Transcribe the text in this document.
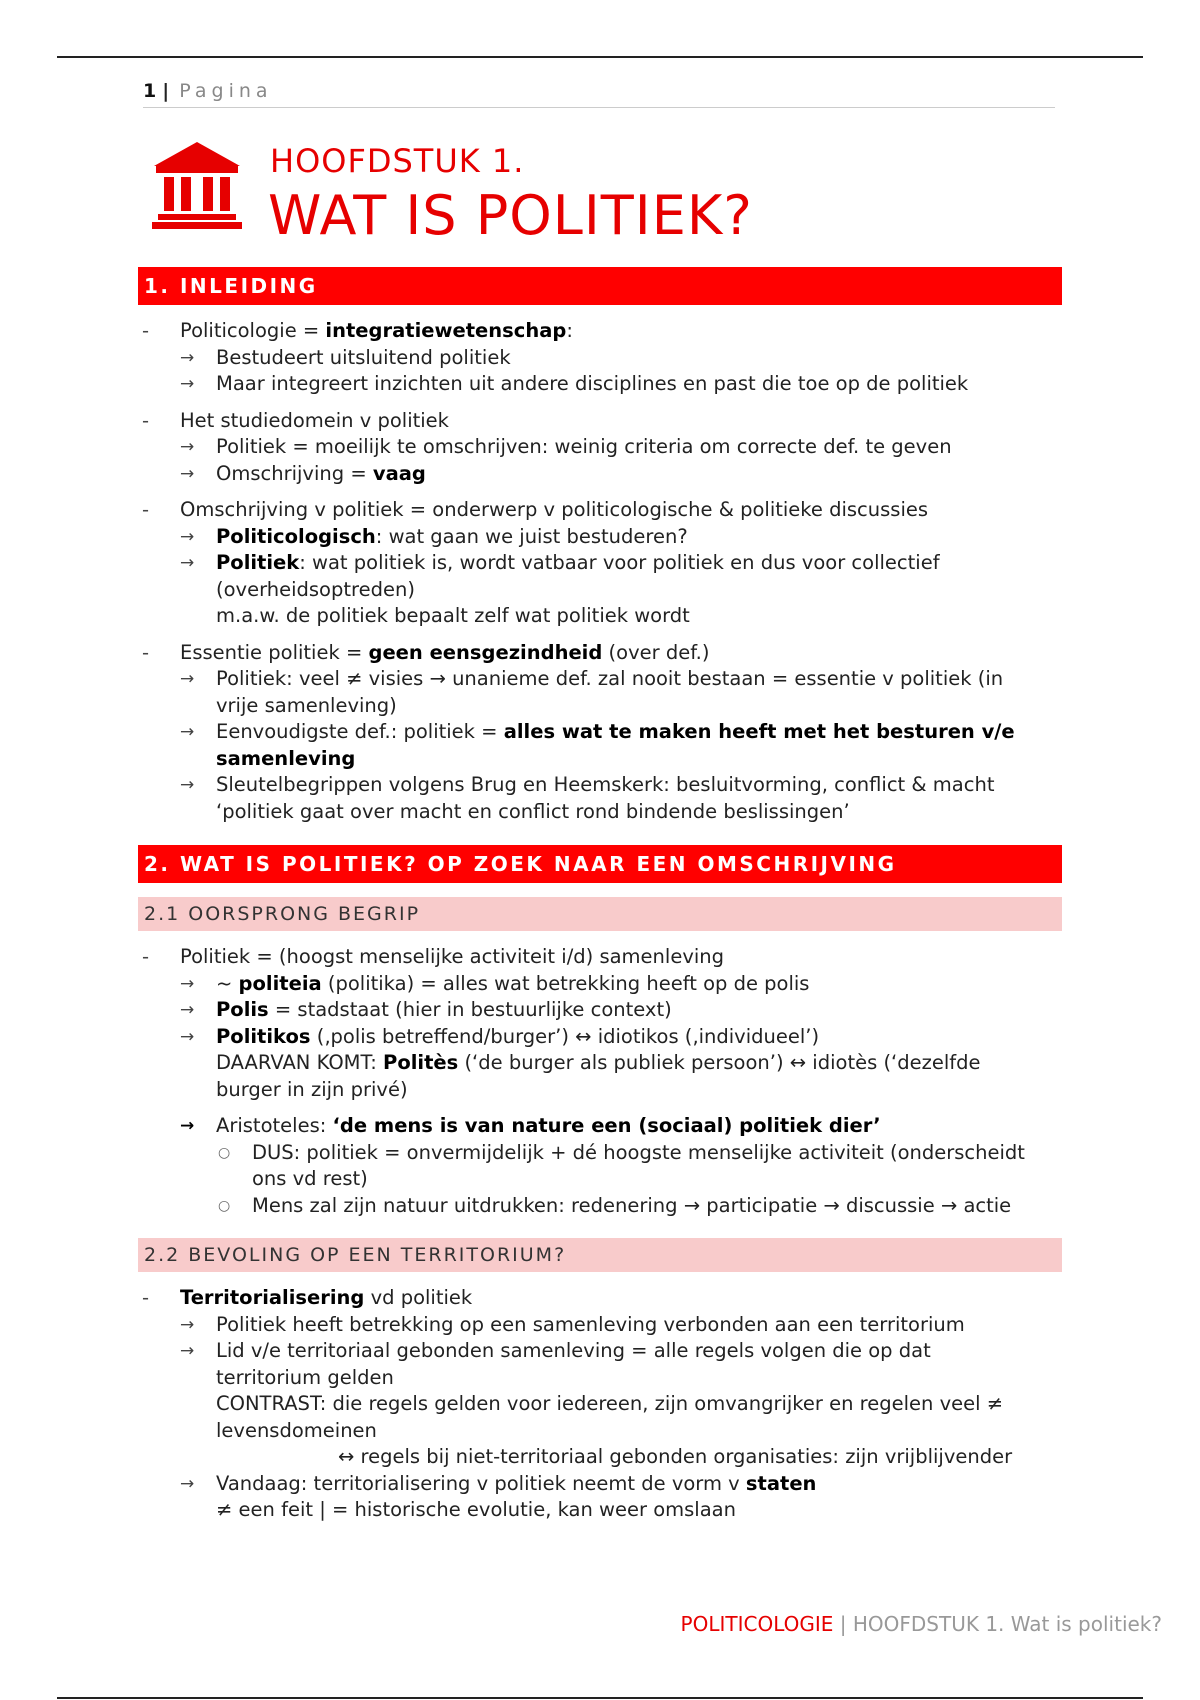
1 | Pagina
HOOFDSTUK 1.
WAT IS POLITIEK?
1. INLEIDING
- Politicologie = integratiewetenschap:
→ Bestudeert uitsluitend politiek
→ Maar integreert inzichten uit andere disciplines en past die toe op de politiek
- Het studiedomein v politiek
→ Politiek = moeilijk te omschrijven: weinig criteria om correcte def. te geven
→ Omschrijving = vaag
- Omschrijving v politiek = onderwerp v politicologische & politieke discussies
→ Politicologisch: wat gaan we juist bestuderen?
→ Politiek: wat politiek is, wordt vatbaar voor politiek en dus voor collectief
(overheidsoptreden)
m.a.w. de politiek bepaalt zelf wat politiek wordt
- Essentie politiek = geen eensgezindheid (over def.)
→ Politiek: veel ≠ visies → unanieme def. zal nooit bestaan = essentie v politiek (in
vrije samenleving)
→ Eenvoudigste def.: politiek = alles wat te maken heeft met het besturen v/e
samenleving
→ Sleutelbegrippen volgens Brug en Heemskerk: besluitvorming, conflict & macht
‘politiek gaat over macht en conflict rond bindende beslissingen’
2. WAT IS POLITIEK? OP ZOEK NAAR EEN OMSCHRIJVING
2.1 OORSPRONG BEGRIP
- Politiek = (hoogst menselijke activiteit i/d) samenleving
→ ~ politeia (politika) = alles wat betrekking heeft op de polis
→ Polis = stadstaat (hier in bestuurlijke context)
→ Politikos (‚polis betreffend/burger’) ↔ idiotikos (‚individueel’)
DAARVAN KOMT: Politès (‘de burger als publiek persoon’) ↔ idiotès (‘dezelfde
burger in zijn privé)
→ Aristoteles: ‘de mens is van nature een (sociaal) politiek dier’
○ DUS: politiek = onvermijdelijk + dé hoogste menselijke activiteit (onderscheidt
ons vd rest)
○ Mens zal zijn natuur uitdrukken: redenering → participatie → discussie → actie
2.2 BEVOLING OP EEN TERRITORIUM?
- Territorialisering vd politiek
→ Politiek heeft betrekking op een samenleving verbonden aan een territorium
→ Lid v/e territoriaal gebonden samenleving = alle regels volgen die op dat
territorium gelden
CONTRAST: die regels gelden voor iedereen, zijn omvangrijker en regelen veel ≠
levensdomeinen
↔ regels bij niet-territoriaal gebonden organisaties: zijn vrijblijvender
→ Vandaag: territorialisering v politiek neemt de vorm v staten
≠ een feit | = historische evolutie, kan weer omslaan
POLITICOLOGIE | HOOFDSTUK 1. Wat is politiek?
